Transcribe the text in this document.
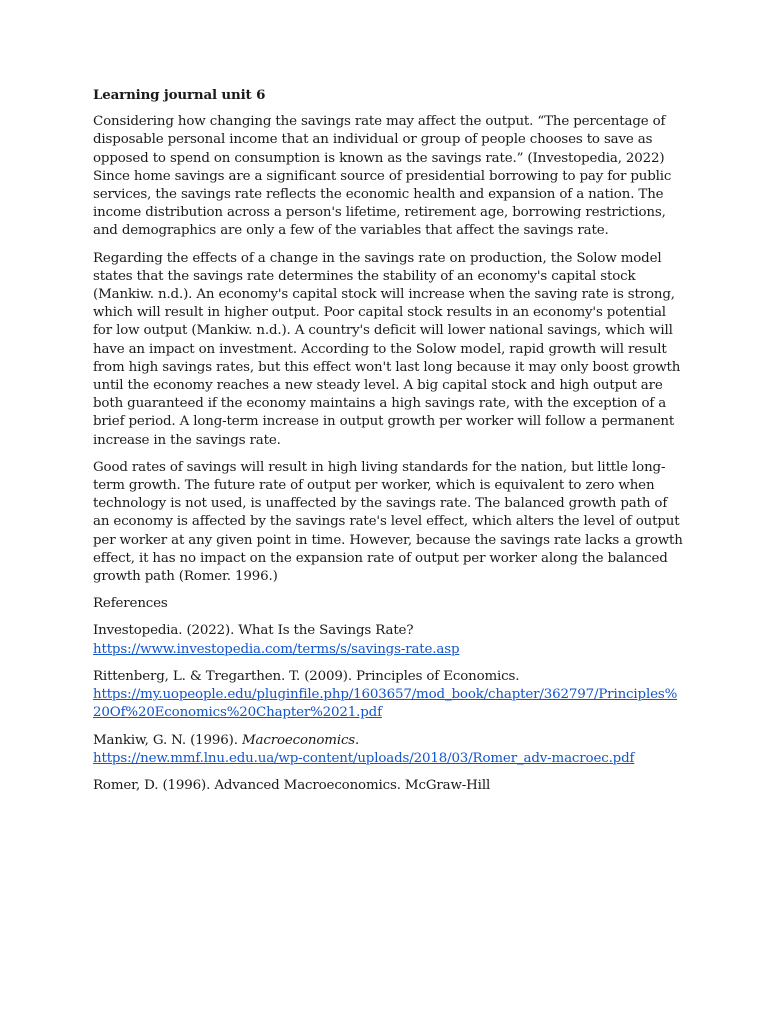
Learning journal unit 6

Considering how changing the savings rate may affect the output. “The percentage of disposable personal income that an individual or group of people chooses to save as opposed to spend on consumption is known as the savings rate.” (Investopedia, 2022) Since home savings are a significant source of presidential borrowing to pay for public services, the savings rate reflects the economic health and expansion of a nation. The income distribution across a person's lifetime, retirement age, borrowing restrictions, and demographics are only a few of the variables that affect the savings rate.

Regarding the effects of a change in the savings rate on production, the Solow model states that the savings rate determines the stability of an economy's capital stock (Mankiw. n.d.). An economy's capital stock will increase when the saving rate is strong, which will result in higher output. Poor capital stock results in an economy's potential for low output (Mankiw. n.d.). A country's deficit will lower national savings, which will have an impact on investment. According to the Solow model, rapid growth will result from high savings rates, but this effect won't last long because it may only boost growth until the economy reaches a new steady level. A big capital stock and high output are both guaranteed if the economy maintains a high savings rate, with the exception of a brief period. A long-term increase in output growth per worker will follow a permanent increase in the savings rate.

Good rates of savings will result in high living standards for the nation, but little long-term growth. The future rate of output per worker, which is equivalent to zero when technology is not used, is unaffected by the savings rate. The balanced growth path of an economy is affected by the savings rate's level effect, which alters the level of output per worker at any given point in time. However, because the savings rate lacks a growth effect, it has no impact on the expansion rate of output per worker along the balanced growth path (Romer. 1996.)

References

Investopedia. (2022). What Is the Savings Rate?
https://www.investopedia.com/terms/s/savings-rate.asp
Rittenberg, L. & Tregarthen. T. (2009). Principles of Economics.
https://my.uopeople.edu/pluginfile.php/1603657/mod_book/chapter/362797/Principles%20Of%20Economics%20Chapter%2021.pdf
Mankiw, G. N. (1996). Macroeconomics.
https://new.mmf.lnu.edu.ua/wp-content/uploads/2018/03/Romer_adv-macroec.pdf
Romer, D. (1996). Advanced Macroeconomics. McGraw-Hill
